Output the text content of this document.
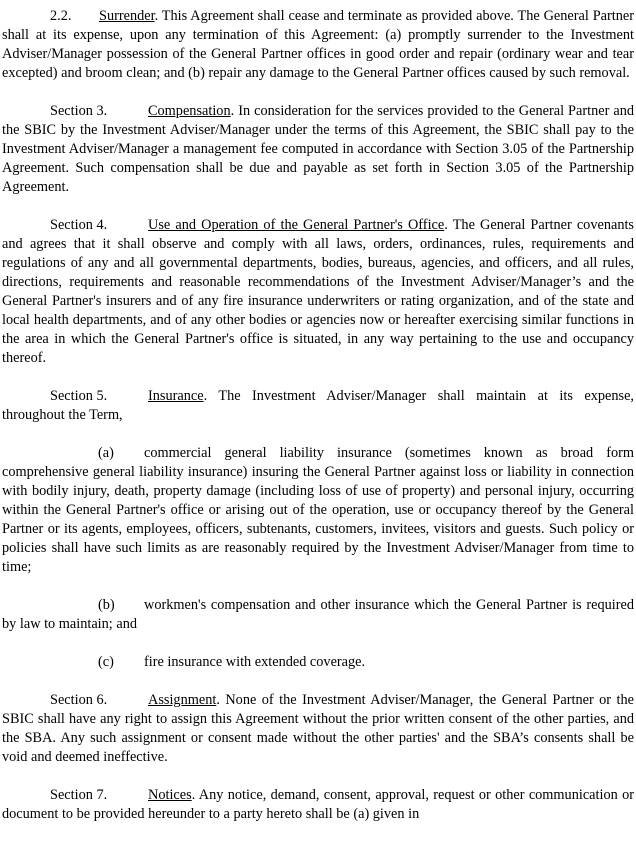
2.2. Surrender. This Agreement shall cease and terminate as provided above. The General Partner shall at its expense, upon any termination of this Agreement: (a) promptly surrender to the Investment Adviser/Manager possession of the General Partner offices in good order and repair (ordinary wear and tear excepted) and broom clean; and (b) repair any damage to the General Partner offices caused by such removal.

Section 3.	Compensation. In consideration for the services provided to the General Partner and the SBIC by the Investment Adviser/Manager under the terms of this Agreement, the SBIC shall pay to the Investment Adviser/Manager a management fee computed in accordance with Section 3.05 of the Partnership Agreement. Such compensation shall be due and payable as set forth in Section 3.05 of the Partnership Agreement.

Section 4.	Use and Operation of the General Partner's Office. The General Partner covenants and agrees that it shall observe and comply with all laws, orders, ordinances, rules, requirements and regulations of any and all governmental departments, bodies, bureaus, agencies, and officers, and all rules, directions, requirements and reasonable recommendations of the Investment Adviser/Manager’s and the General Partner's insurers and of any fire insurance underwriters or rating organization, and of the state and local health departments, and of any other bodies or agencies now or hereafter exercising similar functions in the area in which the General Partner's office is situated, in any way pertaining to the use and occupancy thereof.

Section 5.	Insurance. The Investment Adviser/Manager shall maintain at its expense, throughout the Term,

(a) commercial general liability insurance (sometimes known as broad form comprehensive general liability insurance) insuring the General Partner against loss or liability in connection with bodily injury, death, property damage (including loss of use of property) and personal injury, occurring within the General Partner's office or arising out of the operation, use or occupancy thereof by the General Partner or its agents, employees, officers, subtenants, customers, invitees, visitors and guests. Such policy or policies shall have such limits as are reasonably required by the Investment Adviser/Manager from time to time;

(b) workmen's compensation and other insurance which the General Partner is required by law to maintain; and

(c) fire insurance with extended coverage.

Section 6.	Assignment. None of the Investment Adviser/Manager, the General Partner or the SBIC shall have any right to assign this Agreement without the prior written consent of the other parties, and the SBA. Any such assignment or consent made without the other parties' and the SBA’s consents shall be void and deemed ineffective.

Section 7.	Notices. Any notice, demand, consent, approval, request or other communication or document to be provided hereunder to a party hereto shall be (a) given in
